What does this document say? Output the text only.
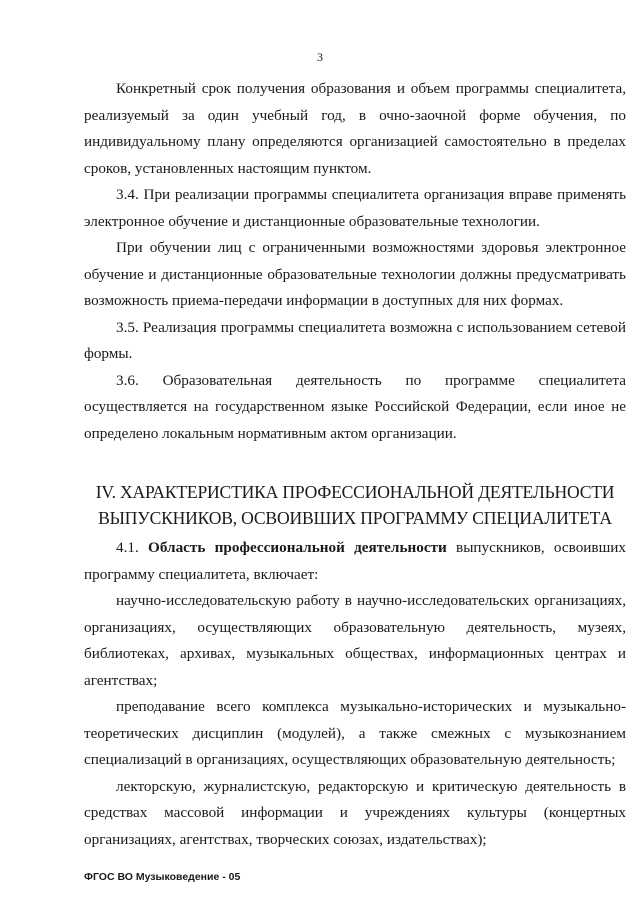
3

Конкретный срок получения образования и объем программы специалитета, реализуемый за один учебный год, в очно-заочной форме обучения, по индивидуальному плану определяются организацией самостоятельно в пределах сроков, установленных настоящим пунктом.

3.4. При реализации программы специалитета организация вправе применять электронное обучение и дистанционные образовательные технологии.

При обучении лиц с ограниченными возможностями здоровья электронное обучение и дистанционные образовательные технологии должны предусматривать возможность приема-передачи информации в доступных для них формах.

3.5. Реализация программы специалитета возможна с использованием сетевой формы.

3.6. Образовательная деятельность по программе специалитета осуществляется на государственном языке Российской Федерации, если иное не определено локальным нормативным актом организации.

IV. ХАРАКТЕРИСТИКА ПРОФЕССИОНАЛЬНОЙ ДЕЯТЕЛЬНОСТИ
ВЫПУСКНИКОВ, ОСВОИВШИХ ПРОГРАММУ СПЕЦИАЛИТЕТА

4.1. Область профессиональной деятельности выпускников, освоивших программу специалитета, включает:

научно-исследовательскую работу в научно-исследовательских организациях, организациях, осуществляющих образовательную деятельность, музеях, библиотеках, архивах, музыкальных обществах, информационных центрах и агентствах;

преподавание всего комплекса музыкально-исторических и музыкально-теоретических дисциплин (модулей), а также смежных с музыкознанием специализаций в организациях, осуществляющих образовательную деятельность;

лекторскую, журналистскую, редакторскую и критическую деятельность в средствах массовой информации и учреждениях культуры (концертных организациях, агентствах, творческих союзах, издательствах);

ФГОС ВО Музыковедение - 05
